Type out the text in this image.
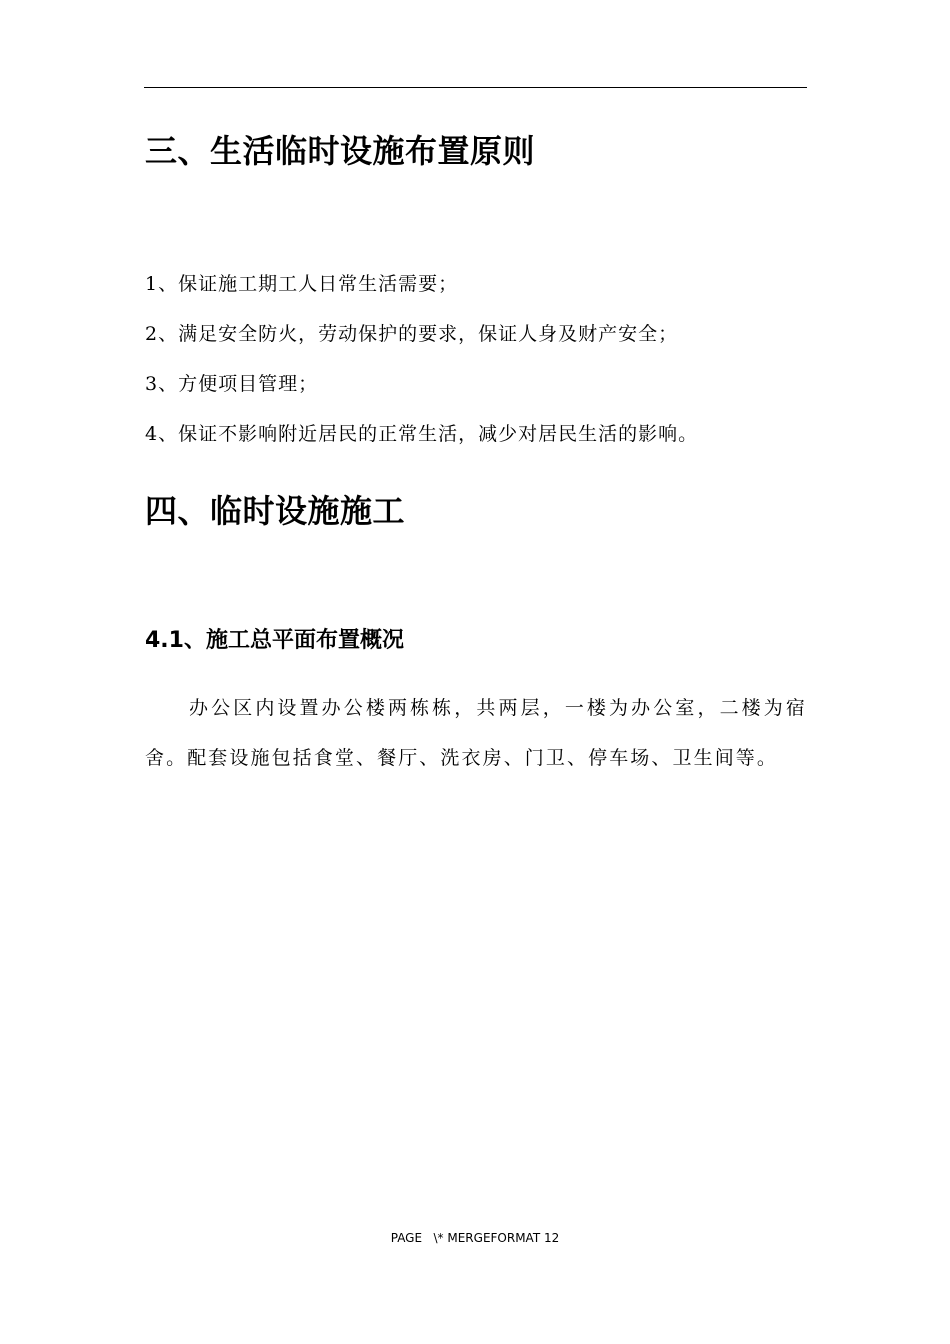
三、生活临时设施布置原则
1、保证施工期工人日常生活需要；
2、满足安全防火，劳动保护的要求，保证人身及财产安全；
3、方便项目管理；
4、保证不影响附近居民的正常生活，减少对居民生活的影响。
四、临时设施施工
4.1、施工总平面布置概况
办公区内设置办公楼两栋栋，共两层，一楼为办公室，二楼为宿舍。配套设施包括食堂、餐厅、洗衣房、门卫、停车场、卫生间等。
PAGE   \* MERGEFORMAT 12
